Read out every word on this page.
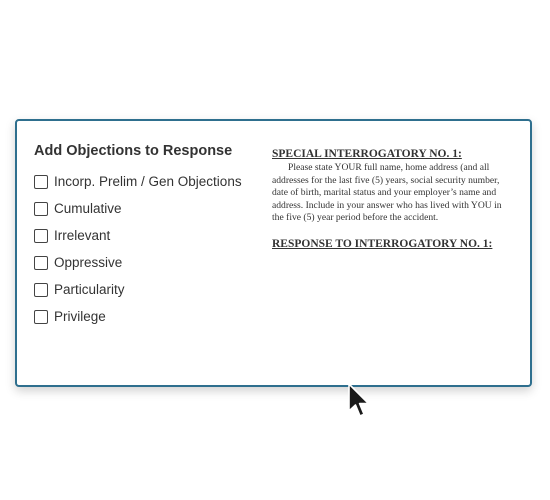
Add Objections to Response
Incorp. Prelim / Gen Objections
Cumulative
Irrelevant
Oppressive
Particularity
Privilege
SPECIAL INTERROGATORY NO. 1:

Please state YOUR full name, home address (and all addresses for the last five (5) years, social security number, date of birth, marital status and your employer’s name and address. Include in your answer who has lived with YOU in the five (5) year period before the accident.

RESPONSE TO INTERROGATORY NO. 1:
